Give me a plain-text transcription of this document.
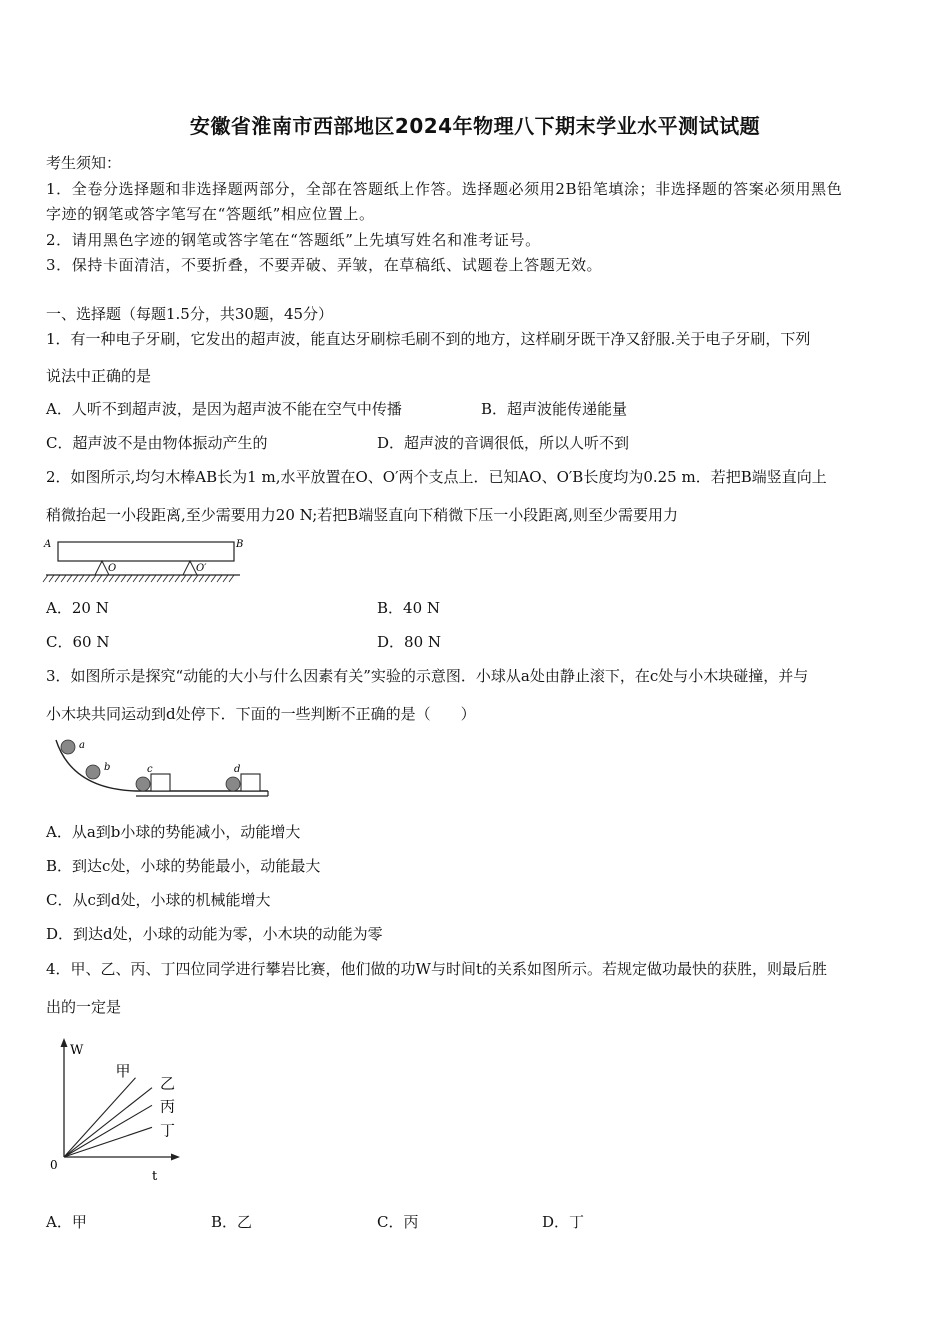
安徽省淮南市西部地区2024年物理八下期末学业水平测试试题
考生须知：
1．全卷分选择题和非选择题两部分，全部在答题纸上作答。选择题必须用2B铅笔填涂；非选择题的答案必须用黑色
字迹的钢笔或答字笔写在“答题纸”相应位置上。
2．请用黑色字迹的钢笔或答字笔在“答题纸”上先填写姓名和准考证号。
3．保持卡面清洁，不要折叠，不要弄破、弄皱，在草稿纸、试题卷上答题无效。
一、选择题（每题1.5分，共30题，45分）
1．有一种电子牙刷，它发出的超声波，能直达牙刷棕毛刷不到的地方，这样刷牙既干净又舒服.关于电子牙刷，下列
说法中正确的是
A．人听不到超声波，是因为超声波不能在空气中传播	B．超声波能传递能量
C．超声波不是由物体振动产生的	D．超声波的音调很低，所以人听不到
2．如图所示,均匀木棒AB长为1 m,水平放置在O、O′两个支点上．已知AO、O′B长度均为0.25 m．若把B端竖直向上
稍微抬起一小段距离,至少需要用力20 N;若把B端竖直向下稍微下压一小段距离,则至少需要用力
A	B
O	O′
A．20 N	B．40 N
C．60 N	D．80 N
3．如图所示是探究“动能的大小与什么因素有关”实验的示意图．小球从a处由静止滚下，在c处与小木块碰撞，并与
小木块共同运动到d处停下．下面的一些判断不正确的是（　　）
a
b	c	d
A．从a到b小球的势能减小，动能增大
B．到达c处，小球的势能最小，动能最大
C．从c到d处，小球的机械能增大
D．到达d处，小球的动能为零，小木块的动能为零
4．甲、乙、丙、丁四位同学进行攀岩比赛，他们做的功W与时间t的关系如图所示。若规定做功最快的获胜，则最后胜
出的一定是
W
t
0
甲
乙
丙
丁
A．甲	B．乙	C．丙	D．丁
